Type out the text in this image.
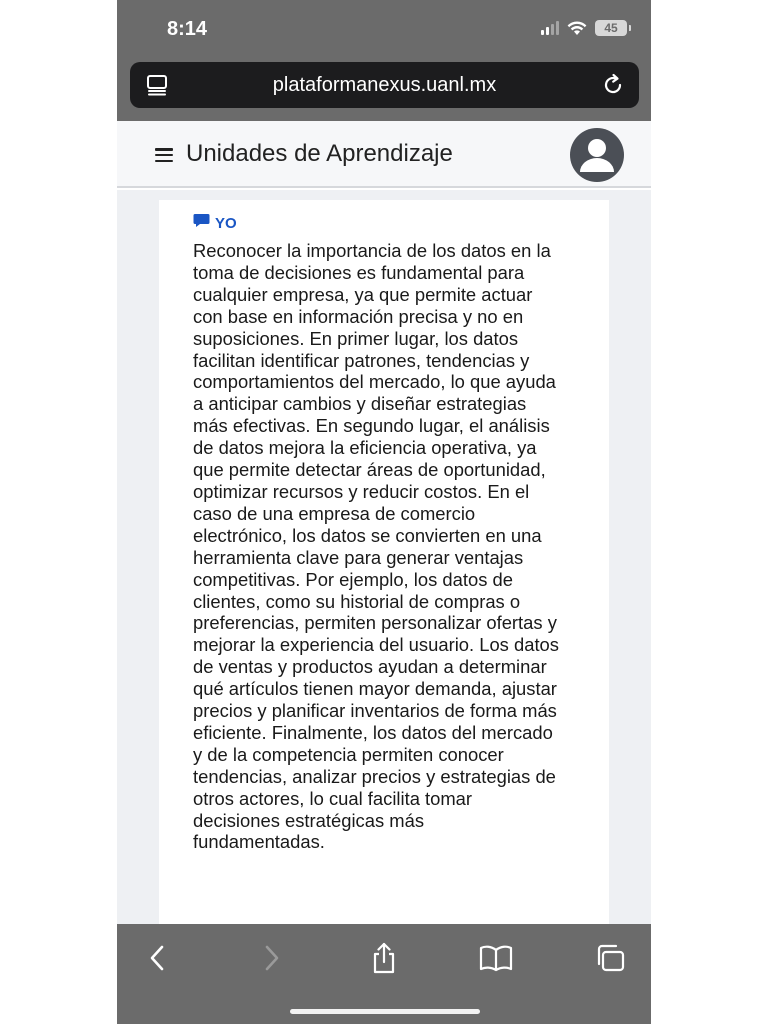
8:14	45
plataformanexus.uanl.mx
Unidades de Aprendizaje
YO
Reconocer la importancia de los datos en la toma de decisiones es fundamental para cualquier empresa, ya que permite actuar con base en información precisa y no en suposiciones. En primer lugar, los datos facilitan identificar patrones, tendencias y comportamientos del mercado, lo que ayuda a anticipar cambios y diseñar estrategias más efectivas. En segundo lugar, el análisis de datos mejora la eficiencia operativa, ya que permite detectar áreas de oportunidad, optimizar recursos y reducir costos. En el caso de una empresa de comercio electrónico, los datos se convierten en una herramienta clave para generar ventajas competitivas. Por ejemplo, los datos de clientes, como su historial de compras o preferencias, permiten personalizar ofertas y mejorar la experiencia del usuario. Los datos de ventas y productos ayudan a determinar qué artículos tienen mayor demanda, ajustar precios y planificar inventarios de forma más eficiente. Finalmente, los datos del mercado y de la competencia permiten conocer tendencias, analizar precios y estrategias de otros actores, lo cual facilita tomar decisiones estratégicas más fundamentadas.
